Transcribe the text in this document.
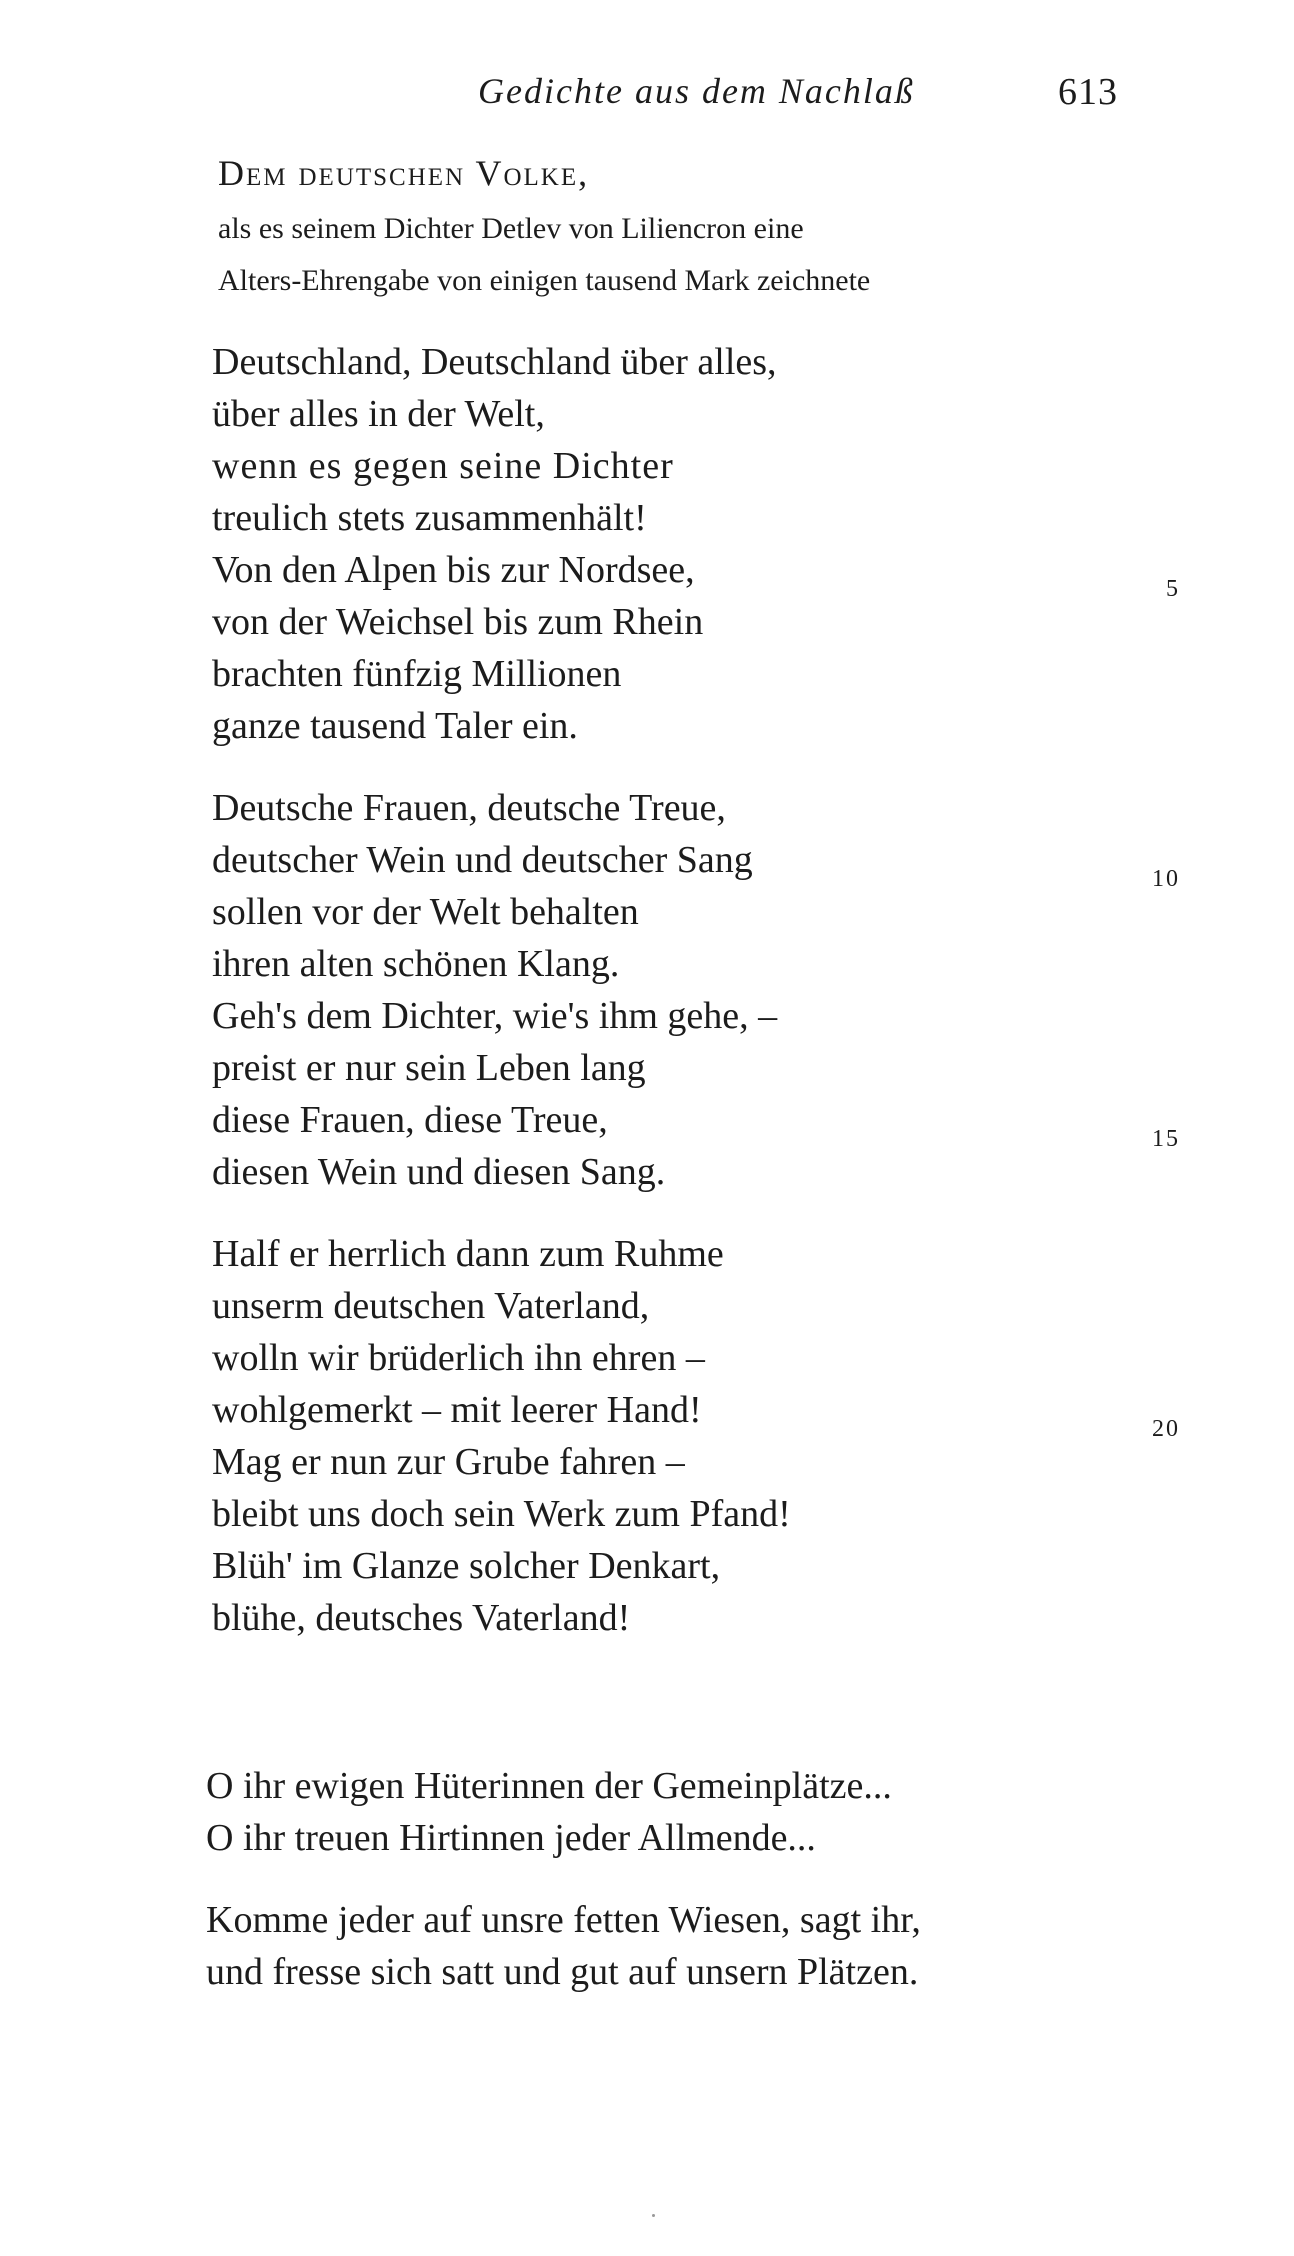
Gedichte aus dem Nachlaß	613
Dem deutschen Volke,
als es seinem Dichter Detlev von Liliencron eine
Alters-Ehrengabe von einigen tausend Mark zeichnete
Deutschland, Deutschland über alles,
über alles in der Welt,
wenn es gegen seine Dichter
treulich stets zusammenhält!
Von den Alpen bis zur Nordsee,
von der Weichsel bis zum Rhein
brachten fünfzig Millionen
ganze tausend Taler ein.
Deutsche Frauen, deutsche Treue,
deutscher Wein und deutscher Sang
sollen vor der Welt behalten
ihren alten schönen Klang.
Geh's dem Dichter, wie's ihm gehe, –
preist er nur sein Leben lang
diese Frauen, diese Treue,
diesen Wein und diesen Sang.
Half er herrlich dann zum Ruhme
unserm deutschen Vaterland,
wolln wir brüderlich ihn ehren –
wohlgemerkt – mit leerer Hand!
Mag er nun zur Grube fahren –
bleibt uns doch sein Werk zum Pfand!
Blüh' im Glanze solcher Denkart,
blühe, deutsches Vaterland!
5
10
15
20
O ihr ewigen Hüterinnen der Gemeinplätze...
O ihr treuen Hirtinnen jeder Allmende...
Komme jeder auf unsre fetten Wiesen, sagt ihr,
und fresse sich satt und gut auf unsern Plätzen.
